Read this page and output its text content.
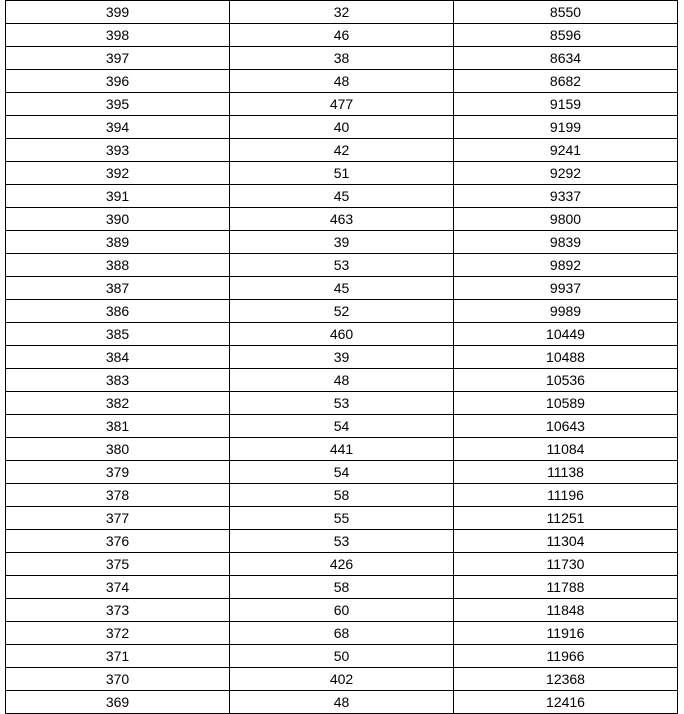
399	32	8550
398	46	8596
397	38	8634
396	48	8682
395	477	9159
394	40	9199
393	42	9241
392	51	9292
391	45	9337
390	463	9800
389	39	9839
388	53	9892
387	45	9937
386	52	9989
385	460	10449
384	39	10488
383	48	10536
382	53	10589
381	54	10643
380	441	11084
379	54	11138
378	58	11196
377	55	11251
376	53	11304
375	426	11730
374	58	11788
373	60	11848
372	68	11916
371	50	11966
370	402	12368
369	48	12416
